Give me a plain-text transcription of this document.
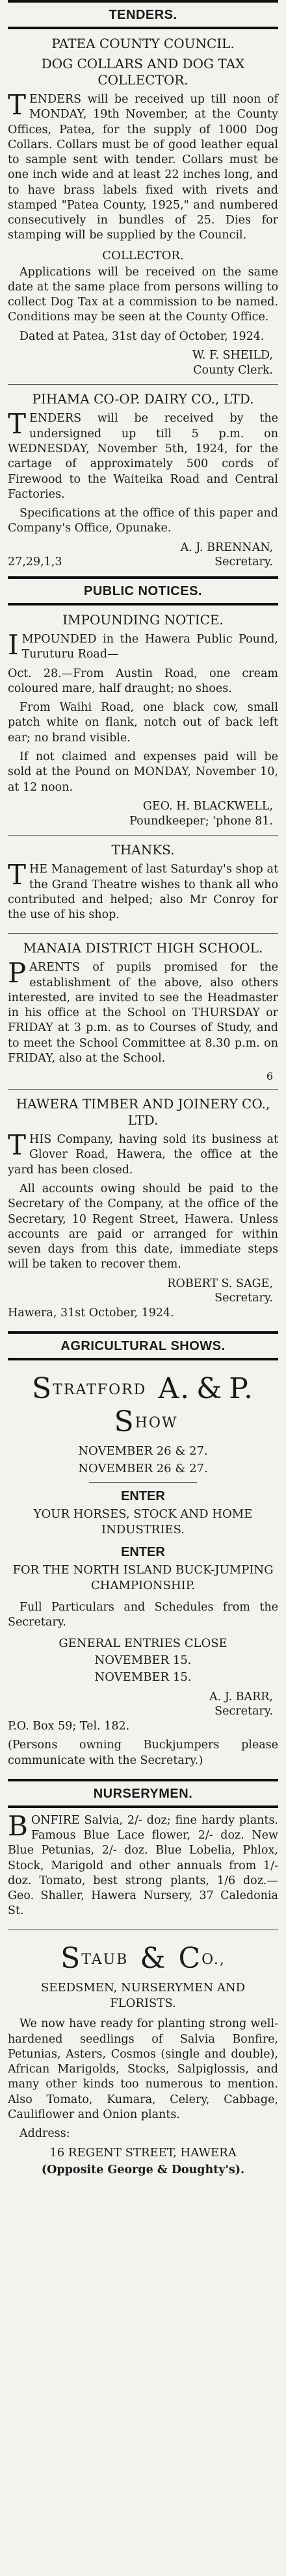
TENDERS.
PATEA COUNTY COUNCIL.
DOG COLLARS AND DOG TAX COLLECTOR.

TENDERS will be received up till noon of MONDAY, 19th November, at the County Offices, Patea, for the supply of 1000 Dog Collars. Collars must be of good leather equal to sample sent with tender. Collars must be one inch wide and at least 22 inches long, and to have brass labels fixed with rivets and stamped "Patea County, 1925," and numbered consecutively in bundles of 25. Dies for stamping will be supplied by the Council.

COLLECTOR.

Applications will be received on the same date at the same place from persons willing to collect Dog Tax at a commission to be named. Conditions may be seen at the County Office.

Dated at Patea, 31st day of October, 1924.

W. F. SHEILD,
County Clerk.
PIHAMA CO-OP. DAIRY CO., LTD.

TENDERS will be received by the undersigned up till 5 p.m. on WEDNESDAY, November 5th, 1924, for the cartage of approximately 500 cords of Firewood to the Waiteika Road and Central Factories.

Specifications at the office of this paper and Company's Office, Opunake.

A. J. BRENNAN,
27,29,1,3	Secretary.
PUBLIC NOTICES.
IMPOUNDING NOTICE.

IMPOUNDED in the Hawera Public Pound, Turuturu Road—

Oct. 28.—From Austin Road, one cream coloured mare, half draught; no shoes.

From Waihi Road, one black cow, small patch white on flank, notch out of back left ear; no brand visible.

If not claimed and expenses paid will be sold at the Pound on MONDAY, November 10, at 12 noon.

GEO. H. BLACKWELL,
Poundkeeper; 'phone 81.
THANKS.

THE Management of last Saturday's shop at the Grand Theatre wishes to thank all who contributed and helped; also Mr Conroy for the use of his shop.

MANAIA DISTRICT HIGH SCHOOL.

PARENTS of pupils promised for the establishment of the above, also others interested, are invited to see the Headmaster in his office at the School on THURSDAY or FRIDAY at 3 p.m. as to Courses of Study, and to meet the School Committee at 8.30 p.m. on FRIDAY, also at the School.

6
HAWERA TIMBER AND JOINERY CO., LTD.

THIS Company, having sold its business at Glover Road, Hawera, the office at the yard has been closed.

All accounts owing should be paid to the Secretary of the Company, at the office of the Secretary, 10 Regent Street, Hawera. Unless accounts are paid or arranged for within seven days from this date, immediate steps will be taken to recover them.

ROBERT S. SAGE,
Secretary.

Hawera, 31st October, 1924.

AGRICULTURAL SHOWS.
STRATFORD A. & P.  SHOW
NOVEMBER 26 & 27.
NOVEMBER 26 & 27.
ENTER
YOUR HORSES, STOCK AND HOME INDUSTRIES.
ENTER
FOR THE NORTH ISLAND BUCK-JUMPING CHAMPIONSHIP.

Full Particulars and Schedules from the Secretary.

GENERAL ENTRIES CLOSE
NOVEMBER 15.
NOVEMBER 15.
A. J. BARR,
Secretary.

P.O. Box 59; Tel. 182.

(Persons owning Buckjumpers please communicate with the Secretary.)

NURSERYMEN.

BONFIRE Salvia, 2/- doz; fine hardy plants. Famous Blue Lace flower, 2/- doz. New Blue Petunias, 2/- doz. Blue Lobelia, Phlox, Stock, Marigold and other annuals from 1/- doz. Tomato, best strong plants, 1/6 doz.—Geo. Shaller, Hawera Nursery, 37 Caledonia St.

STAUB & CO.,
SEEDSMEN, NURSERYMEN AND FLORISTS.

We now have ready for planting strong well-hardened seedlings of Salvia Bonfire, Petunias, Asters, Cosmos (single and double), African Marigolds, Stocks, Salpiglossis, and many other kinds too numerous to mention. Also Tomato, Kumara, Celery, Cabbage, Cauliflower and Onion plants.

Address:

16 REGENT STREET, HAWERA
(Opposite George & Doughty's).
